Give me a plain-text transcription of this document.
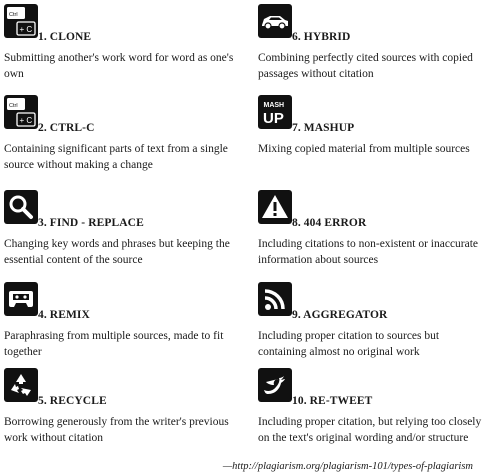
Ctrl
+ C
1. CLONE
Submitting another's work word for word as one's own
Ctrl
+ C
2. CTRL-C
Containing significant parts of text from a single source without making a change
3. FIND - REPLACE
Changing key words and phrases but keeping the essential content of the source
4. REMIX
Paraphrasing from multiple sources, made to fit together
5. RECYCLE
Borrowing generously from the writer's previous work without citation
6. HYBRID
Combining perfectly cited sources with copied passages without citation
MASH
UP
7. MASHUP
Mixing copied material from multiple sources
8. 404 ERROR
Including citations to non-existent or inaccurate information about sources
9. AGGREGATOR
Including proper citation to sources but containing almost no original work
10. RE-TWEET
Including proper citation, but relying too closely on the text's original wording and/or structure
—http://plagiarism.org/plagiarism-101/types-of-plagiarism
